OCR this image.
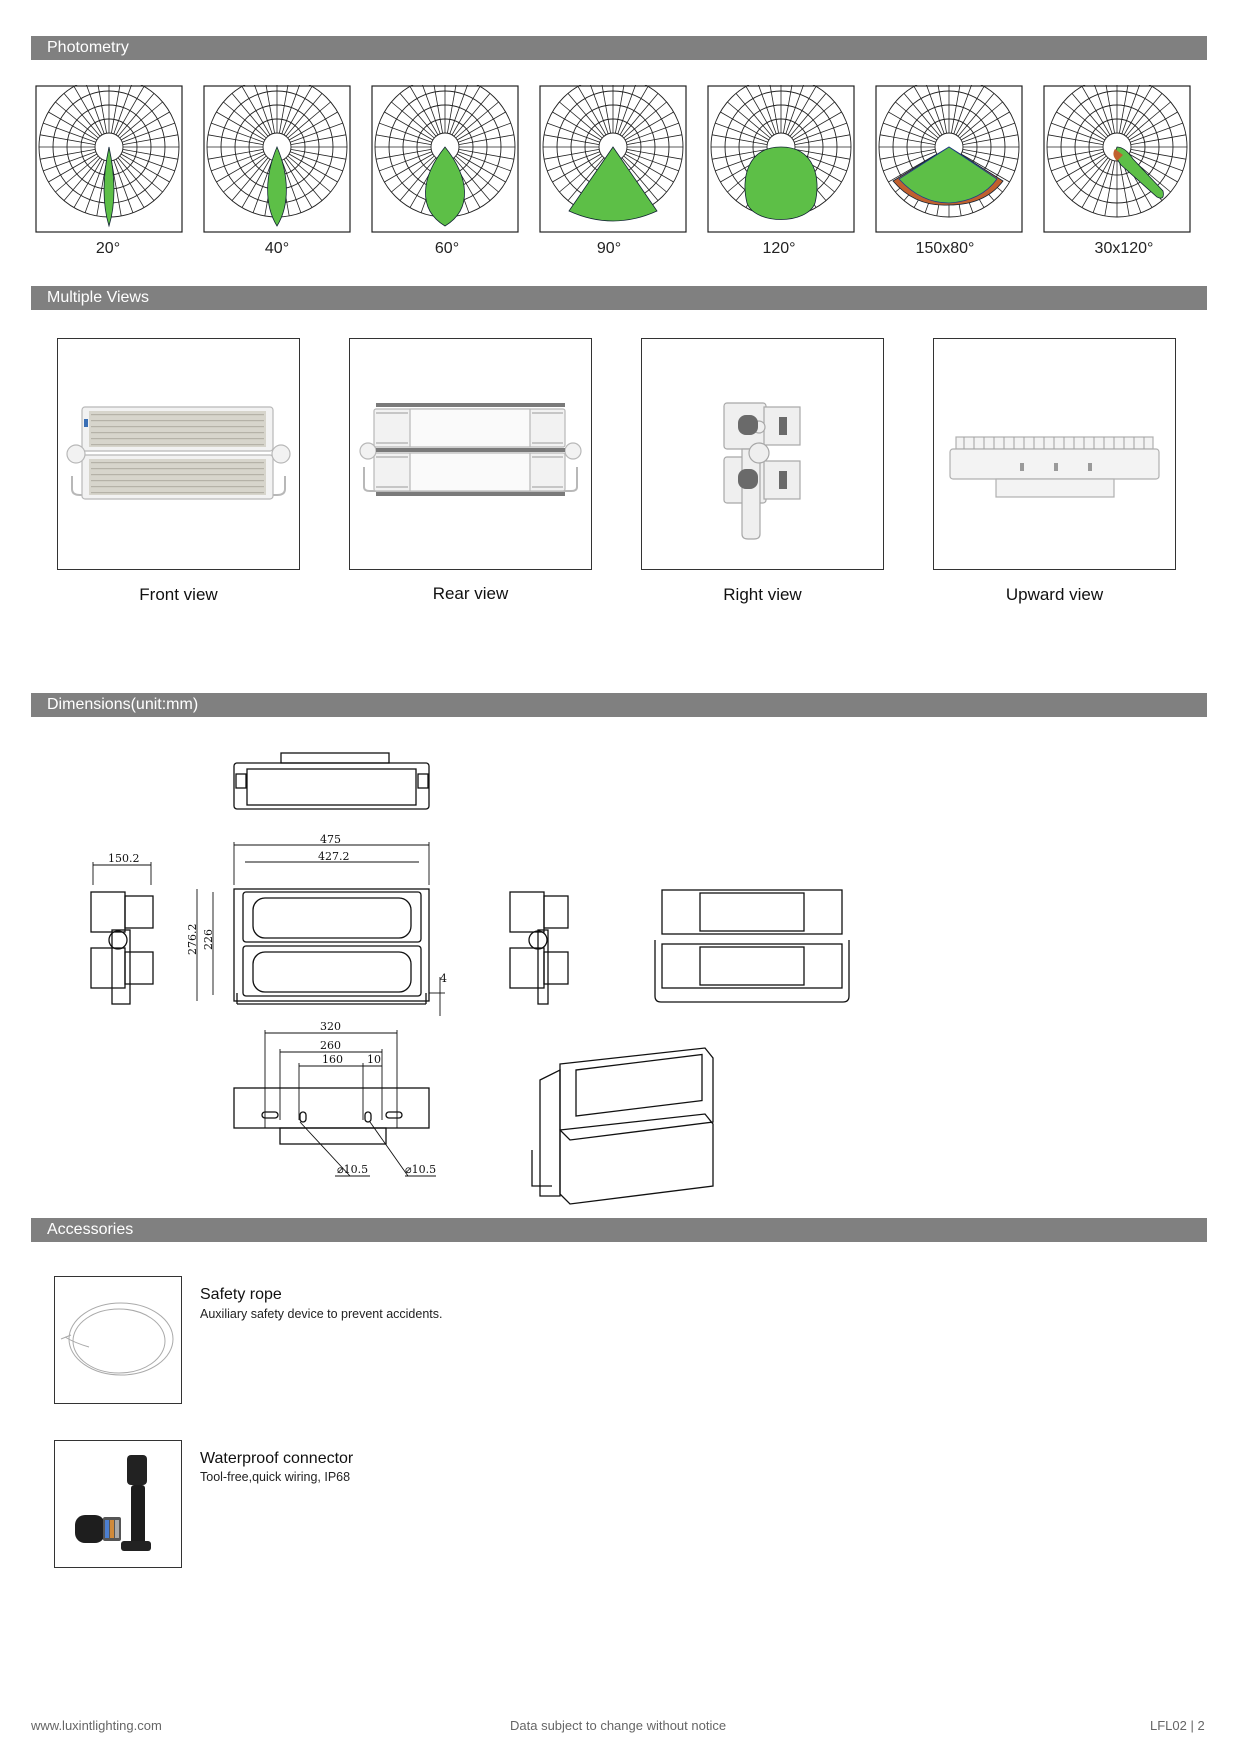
Photometry
20°	40°	60°	90°	120°	150x80°	30x120°
Multiple Views
Front view	Rear view	Right view	Upward view
Dimensions(unit:mm)
475
427.2
150.2
276.2 226
4
320
260
160 10
⌀10.5	⌀10.5
Accessories
Safety rope
Auxiliary safety device to prevent accidents.
Waterproof connector
Tool-free,quick wiring, IP68
www.luxintlighting.com	Data subject to change without notice	LFL02 | 2
